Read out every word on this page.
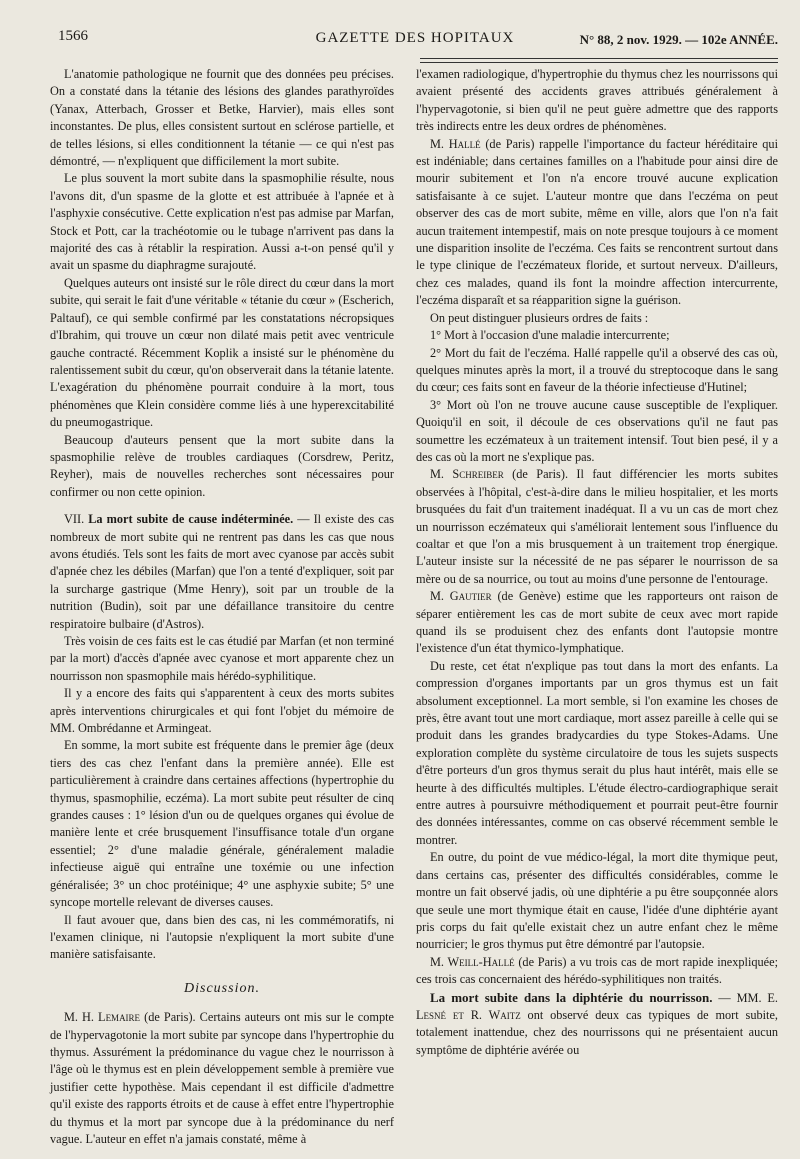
1566	GAZETTE DES HOPITAUX	N° 88, 2 nov. 1929. — 102e ANNÉE.

L'anatomie pathologique ne fournit que des données peu précises. On a constaté dans la tétanie des lésions des glandes parathyroïdes (Yanax, Atterbach, Grosser et Betke, Harvier), mais elles sont inconstantes. De plus, elles consistent surtout en sclérose partielle, et de telles lésions, si elles conditionnent la tétanie — ce qui n'est pas démontré, — n'expliquent que difficilement la mort subite.

Le plus souvent la mort subite dans la spasmophilie résulte, nous l'avons dit, d'un spasme de la glotte et est attribuée à l'apnée et à l'asphyxie consécutive. Cette explication n'est pas admise par Marfan, Stock et Pott, car la trachéotomie ou le tubage n'arrivent pas dans la majorité des cas à rétablir la respiration. Aussi a-t-on pensé qu'il y avait un spasme du diaphragme surajouté.

Quelques auteurs ont insisté sur le rôle direct du cœur dans la mort subite, qui serait le fait d'une véritable « tétanie du cœur » (Escherich, Paltauf), ce qui semble confirmé par les constatations nécropsiques d'Ibrahim, qui trouve un cœur non dilaté mais petit avec ventricule gauche contracté. Récemment Koplik a insisté sur le phénomène du ralentissement subit du cœur, qu'on observerait dans la tétanie latente. L'exagération du phénomène pourrait conduire à la mort, tous phénomènes que Klein considère comme liés à une hyperexcitabilité du pneumogastrique.

Beaucoup d'auteurs pensent que la mort subite dans la spasmophilie relève de troubles cardiaques (Corsdrew, Peritz, Reyher), mais de nouvelles recherches sont nécessaires pour confirmer ou non cette opinion.

VII. La mort subite de cause indéterminée. — Il existe des cas nombreux de mort subite qui ne rentrent pas dans les cas que nous avons étudiés. Tels sont les faits de mort avec cyanose par accès subit d'apnée chez les débiles (Marfan) que l'on a tenté d'expliquer, soit par la surcharge gastrique (Mme Henry), soit par un trouble de la nutrition (Budin), soit par une défaillance transitoire du centre respiratoire bulbaire (d'Astros).

Très voisin de ces faits est le cas étudié par Marfan (et non terminé par la mort) d'accès d'apnée avec cyanose et mort apparente chez un nourrisson non spasmophile mais hérédo-syphilitique.

Il y a encore des faits qui s'apparentent à ceux des morts subites après interventions chirurgicales et qui font l'objet du mémoire de MM. Ombrédanne et Armingeat.

En somme, la mort subite est fréquente dans le premier âge (deux tiers des cas chez l'enfant dans la première année). Elle est particulièrement à craindre dans certaines affections (hypertrophie du thymus, spasmophilie, eczéma). La mort subite peut résulter de cinq grandes causes : 1° lésion d'un ou de quelques organes qui évolue de manière lente et crée brusquement l'insuffisance totale d'un organe essentiel; 2° d'une maladie générale, généralement maladie infectieuse aiguë qui entraîne une toxémie ou une infection généralisée; 3° un choc protéinique; 4° une asphyxie subite; 5° une syncope mortelle relevant de diverses causes.

Il faut avouer que, dans bien des cas, ni les commémoratifs, ni l'examen clinique, ni l'autopsie n'expliquent la mort subite d'une manière satisfaisante.

Discussion.

M. H. Lemaire (de Paris). Certains auteurs ont mis sur le compte de l'hypervagotonie la mort subite par syncope dans l'hypertrophie du thymus. Assurément la prédominance du vague chez le nourrisson à l'âge où le thymus est en plein développement semble à première vue justifier cette hypothèse. Mais cependant il est difficile d'admettre qu'il existe des rapports étroits et de cause à effet entre l'hypertrophie du thymus et la mort par syncope due à la prédominance du nerf vague. L'auteur en effet n'a jamais constaté, même à

l'examen radiologique, d'hypertrophie du thymus chez les nourrissons qui avaient présenté des accidents graves attribués généralement à l'hypervagotonie, si bien qu'il ne peut guère admettre que des rapports très indirects entre les deux ordres de phénomènes.

M. Hallé (de Paris) rappelle l'importance du facteur héréditaire qui est indéniable; dans certaines familles on a l'habitude pour ainsi dire de mourir subitement et l'on n'a encore trouvé aucune explication satisfaisante à ce sujet. L'auteur montre que dans l'eczéma on peut observer des cas de mort subite, même en ville, alors que l'on n'a fait aucun traitement intempestif, mais on note presque toujours à ce moment une disparition insolite de l'eczéma. Ces faits se rencontrent surtout dans le type clinique de l'eczémateux floride, et surtout nerveux. D'ailleurs, chez ces malades, quand ils font la moindre affection intercurrente, l'eczéma disparaît et sa réapparition signe la guérison.

On peut distinguer plusieurs ordres de faits :

1° Mort à l'occasion d'une maladie intercurrente;

2° Mort du fait de l'eczéma. Hallé rappelle qu'il a observé des cas où, quelques minutes après la mort, il a trouvé du streptocoque dans le sang du cœur; ces faits sont en faveur de la théorie infectieuse d'Hutinel;

3° Mort où l'on ne trouve aucune cause susceptible de l'expliquer. Quoiqu'il en soit, il découle de ces observations qu'il ne faut pas soumettre les eczémateux à un traitement intensif. Tout bien pesé, il y a des cas où la mort ne s'explique pas.

M. Schreiber (de Paris). Il faut différencier les morts subites observées à l'hôpital, c'est-à-dire dans le milieu hospitalier, et les morts brusquées du fait d'un traitement inadéquat. Il a vu un cas de mort chez un nourrisson eczémateux qui s'améliorait lentement sous l'influence du coaltar et que l'on a mis brusquement à un traitement trop énergique. L'auteur insiste sur la nécessité de ne pas séparer le nourrisson de sa mère ou de sa nourrice, ou tout au moins d'une personne de l'entourage.

M. Gautier (de Genève) estime que les rapporteurs ont raison de séparer entièrement les cas de mort subite de ceux avec mort rapide quand ils se produisent chez des enfants dont l'autopsie montre l'existence d'un état thymico-lymphatique.

Du reste, cet état n'explique pas tout dans la mort des enfants. La compression d'organes importants par un gros thymus est un fait absolument exceptionnel. La mort semble, si l'on examine les choses de près, être avant tout une mort cardiaque, mort assez pareille à celle qui se produit dans les grandes bradycardies du type Stokes-Adams. Une exploration complète du système circulatoire de tous les sujets suspects d'être porteurs d'un gros thymus serait du plus haut intérêt, mais elle se heurte à des difficultés multiples. L'étude électro-cardiographique serait entre autres à poursuivre méthodiquement et pourrait peut-être fournir des données intéressantes, comme on cas observé récemment semble le montrer.

En outre, du point de vue médico-légal, la mort dite thymique peut, dans certains cas, présenter des difficultés considérables, comme le montre un fait observé jadis, où une diphtérie a pu être soupçonnée alors que seule une mort thymique était en cause, l'idée d'une diphtérie ayant pris corps du fait qu'elle existait chez un autre enfant chez le même nourricier; le gros thymus put être démontré par l'autopsie.

M. Weill-Hallé (de Paris) a vu trois cas de mort rapide inexpliquée; ces trois cas concernaient des hérédo-syphilitiques non traités.

La mort subite dans la diphtérie du nourrisson. — MM. E. Lesné et R. Waitz ont observé deux cas typiques de mort subite, totalement inattendue, chez des nourrissons qui ne présentaient aucun symptôme de diphtérie avérée ou
